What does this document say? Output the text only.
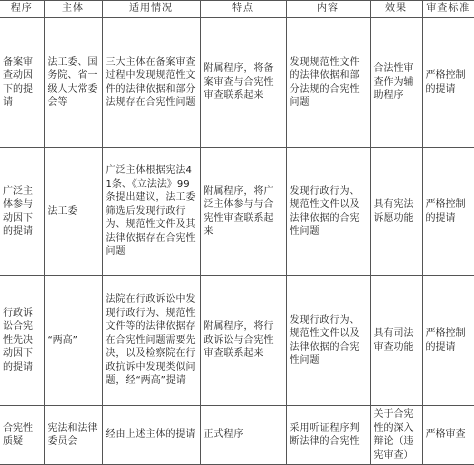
程序	主体	适用情况	特点	内容	效果	审查标准
备案审查动因下的提请	法工委、国务院、省一级人大常委会等	三大主体在备案审查过程中发现规范性文件的法律依据和部分法规存在合宪性问题	附属程序，将备案审查与合宪性审查联系起来	发现规范性文件的法律依据和部分法规的合宪性问题	合法性审查作为辅助程序	严格控制的提请
广泛主体参与动因下的提请	法工委	广泛主体根据宪法41条、《立法法》99条提出建议，法工委筛选后发现行政行为、规范性文件及其法律依据存在合宪性问题	附属程序，将广泛主体参与与合宪性审查联系起来	发现行政行为、规范性文件以及法律依据的合宪性问题	具有宪法诉愿功能	严格控制的提请
行政诉讼合宪性先决动因下的提请	“两高”	法院在行政诉讼中发现行政行为、规范性文件等的法律依据存在合宪性问题需要先决，以及检察院在行政抗诉中发现类似问题，经“两高”提请	附属程序，将行政诉讼与合宪性审查联系起来	发现行政行为、规范性文件以及法律依据的合宪性问题	具有司法审查功能	严格控制的提请
合宪性质疑	宪法和法律委员会	经由上述主体的提请	正式程序	采用听证程序判断法律的合宪性	关于合宪性的深入辩论（违宪审查）	严格审查
